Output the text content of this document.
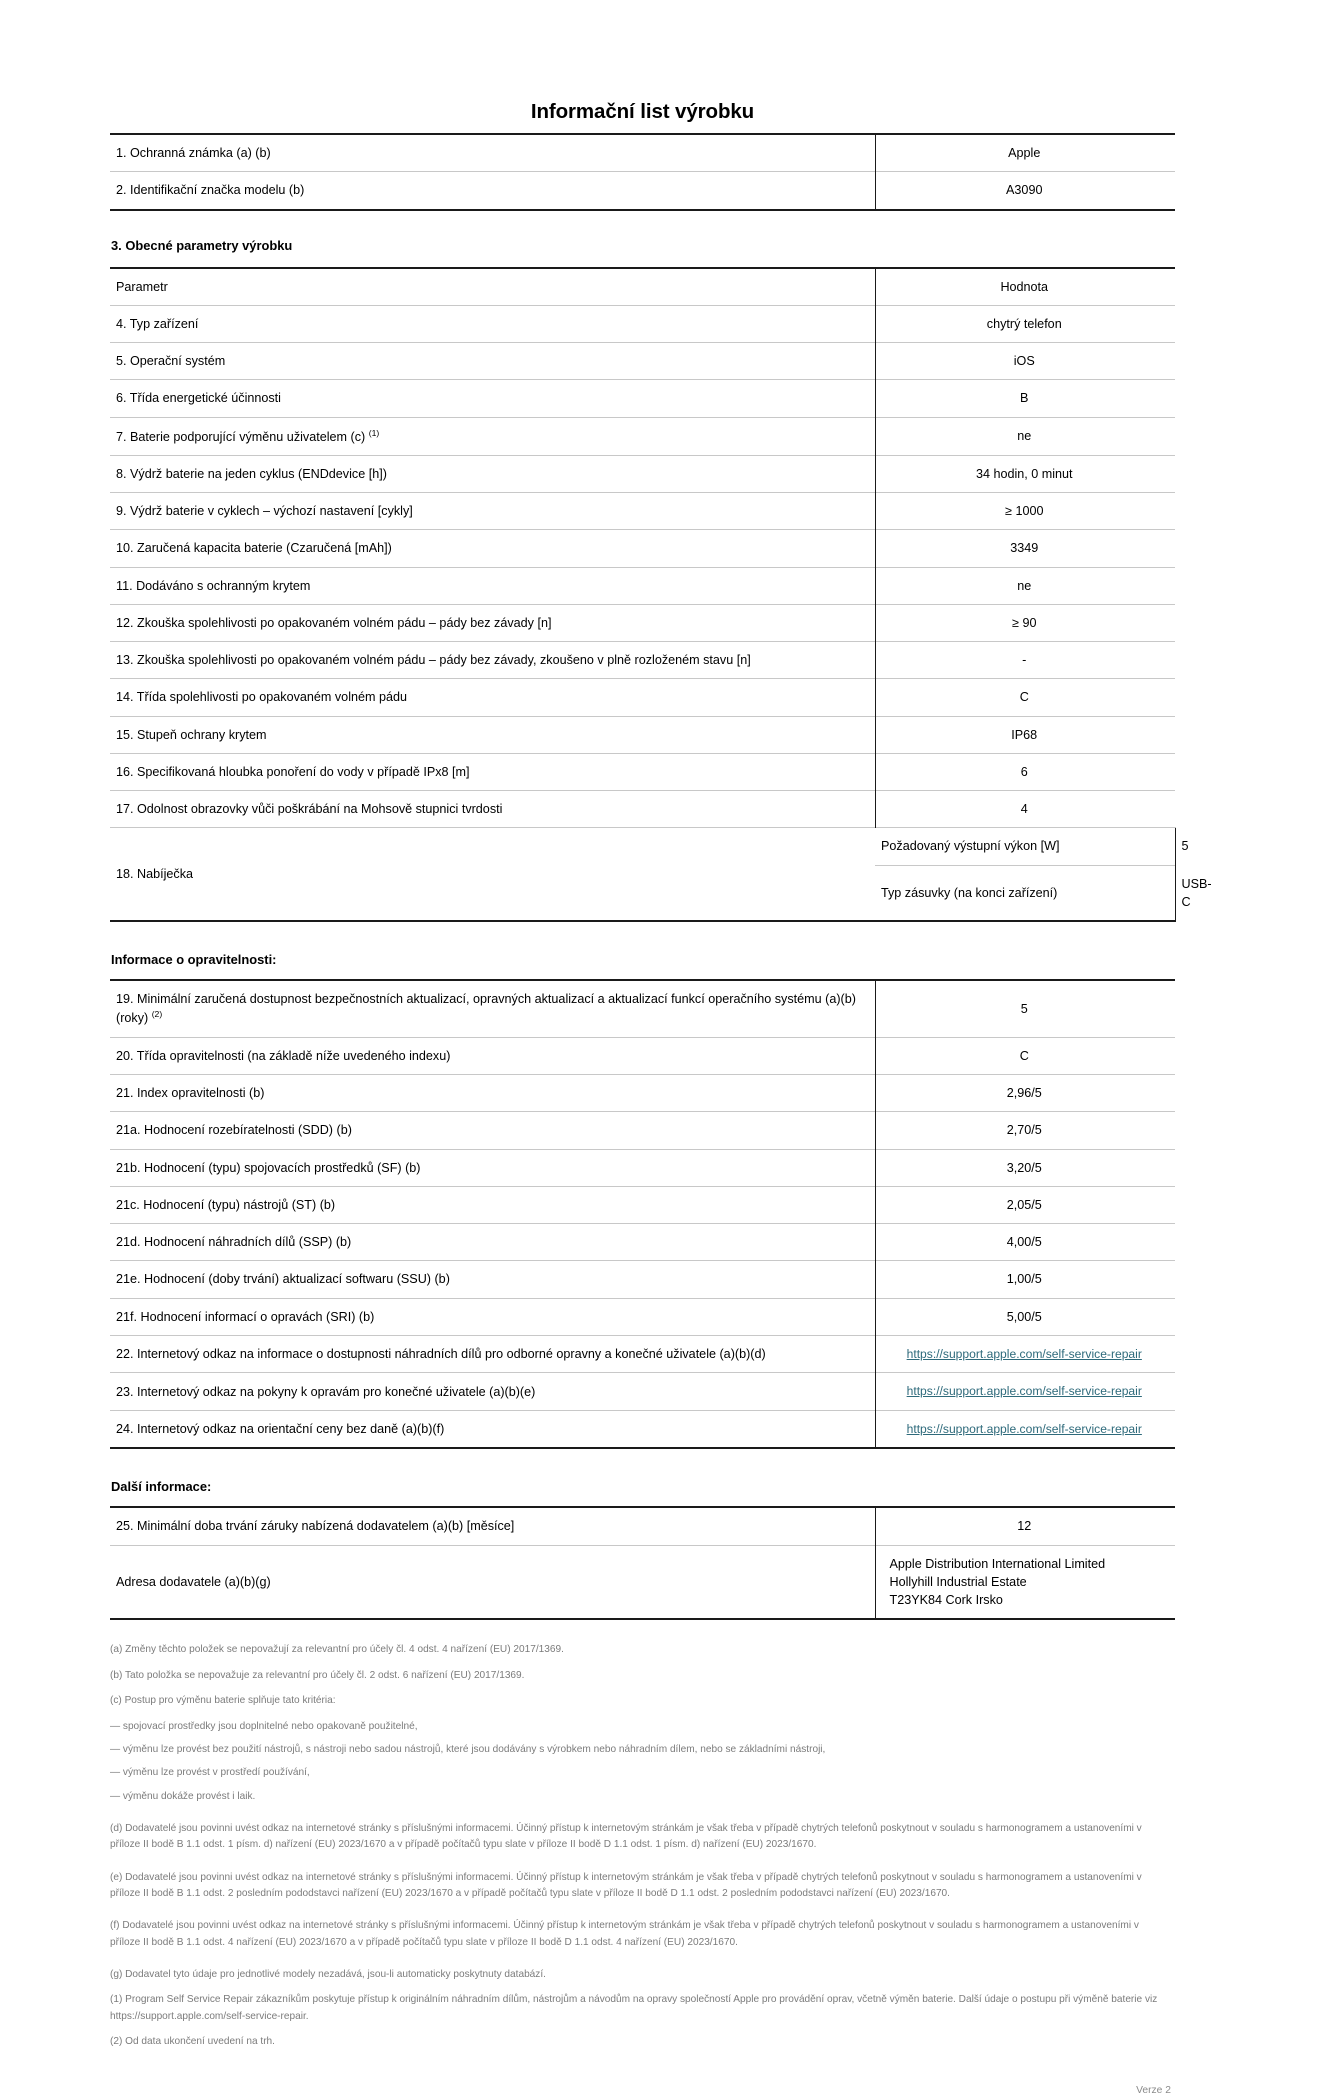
Informační list výrobku
1. Ochranná známka (a) (b)	Apple
2. Identifikační značka modelu (b)	A3090
3. Obecné parametry výrobku
Parametr	Hodnota	
4. Typ zařízení	chytrý telefon	
5. Operační systém	iOS	
6. Třída energetické účinnosti	B	
7. Baterie podporující výměnu uživatelem (c) $^{(1)}$	ne	
8. Výdrž baterie na jeden cyklus (ENDdevice [h])	34 hodin, 0 minut	
9. Výdrž baterie v cyklech – výchozí nastavení [cykly]	≥ 1000	
10. Zaručená kapacita baterie (Czaručená [mAh])	3349	
11. Dodáváno s ochranným krytem	ne	
12. Zkouška spolehlivosti po opakovaném volném pádu – pády bez závady [n]	≥ 90	
13. Zkouška spolehlivosti po opakovaném volném pádu – pády bez závady, zkoušeno v plně rozloženém stavu [n]	-	
14. Třída spolehlivosti po opakovaném volném pádu	C	
15. Stupeň ochrany krytem	IP68	
16. Specifikovaná hloubka ponoření do vody v případě IPx8 [m]	6	
17. Odolnost obrazovky vůči poškrábání na Mohsově stupnici tvrdosti	4	
18. Nabíječka	Požadovaný výstupní výkon [W]	5
	Typ zásuvky (na konci zařízení)	USB-C
Informace o opravitelnosti:
19. Minimální zaručená dostupnost bezpečnostních aktualizací, opravných aktualizací a aktualizací funkcí operačního systému (a)(b)(roky) $^{(2)}$	5
20. Třída opravitelnosti (na základě níže uvedeného indexu)	C
21. Index opravitelnosti (b)	2,96/5
21a. Hodnocení rozebíratelnosti (SDD) (b)	2,70/5
21b. Hodnocení (typu) spojovacích prostředků (SF) (b)	3,20/5
21c. Hodnocení (typu) nástrojů (ST) (b)	2,05/5
21d. Hodnocení náhradních dílů (SSP) (b)	4,00/5
21e. Hodnocení (doby trvání) aktualizací softwaru (SSU) (b)	1,00/5
21f. Hodnocení informací o opravách (SRI) (b)	5,00/5
22. Internetový odkaz na informace o dostupnosti náhradních dílů pro odborné opravny a konečné uživatele (a)(b)(d)	https://support.apple.com/self-service-repair
23. Internetový odkaz na pokyny k opravám pro konečné uživatele (a)(b)(e)	https://support.apple.com/self-service-repair
24. Internetový odkaz na orientační ceny bez daně (a)(b)(f)	https://support.apple.com/self-service-repair
Další informace:
25. Minimální doba trvání záruky nabízená dodavatelem (a)(b) [měsíce]	12
Adresa dodavatele (a)(b)(g)	Apple Distribution International Limited
Hollyhill Industrial Estate
T23YK84 Cork Irsko

(a) Změny těchto položek se nepovažují za relevantní pro účely čl. 4 odst. 4 nařízení (EU) 2017/1369.

(b) Tato položka se nepovažuje za relevantní pro účely čl. 2 odst. 6 nařízení (EU) 2017/1369.

(c) Postup pro výměnu baterie splňuje tato kritéria:

— spojovací prostředky jsou doplnitelné nebo opakovaně použitelné,

— výměnu lze provést bez použití nástrojů, s nástroji nebo sadou nástrojů, které jsou dodávány s výrobkem nebo náhradním dílem, nebo se základními nástroji,

— výměnu lze provést v prostředí používání,

— výměnu dokáže provést i laik.

(d) Dodavatelé jsou povinni uvést odkaz na internetové stránky s příslušnými informacemi. Účinný přístup k internetovým stránkám je však třeba v případě chytrých telefonů poskytnout v souladu s harmonogramem a ustanoveními v příloze II bodě B 1.1 odst. 1 písm. d) nařízení (EU) 2023/1670 a v případě počítačů typu slate v příloze II bodě D 1.1 odst. 1 písm. d) nařízení (EU) 2023/1670.

(e) Dodavatelé jsou povinni uvést odkaz na internetové stránky s příslušnými informacemi. Účinný přístup k internetovým stránkám je však třeba v případě chytrých telefonů poskytnout v souladu s harmonogramem a ustanoveními v příloze II bodě B 1.1 odst. 2 posledním pododstavci nařízení (EU) 2023/1670 a v případě počítačů typu slate v příloze II bodě D 1.1 odst. 2 posledním pododstavci nařízení (EU) 2023/1670.

(f) Dodavatelé jsou povinni uvést odkaz na internetové stránky s příslušnými informacemi. Účinný přístup k internetovým stránkám je však třeba v případě chytrých telefonů poskytnout v souladu s harmonogramem a ustanoveními v příloze II bodě B 1.1 odst. 4 nařízení (EU) 2023/1670 a v případě počítačů typu slate v příloze II bodě D 1.1 odst. 4 nařízení (EU) 2023/1670.

(g) Dodavatel tyto údaje pro jednotlivé modely nezadává, jsou-li automaticky poskytnuty databází.

(1) Program Self Service Repair zákazníkům poskytuje přístup k originálním náhradním dílům, nástrojům a návodům na opravy společností Apple pro provádění oprav, včetně výměn baterie. Další údaje o postupu při výměně baterie viz https://support.apple.com/self-service-repair.

(2) Od data ukončení uvedení na trh.

Verze 2
